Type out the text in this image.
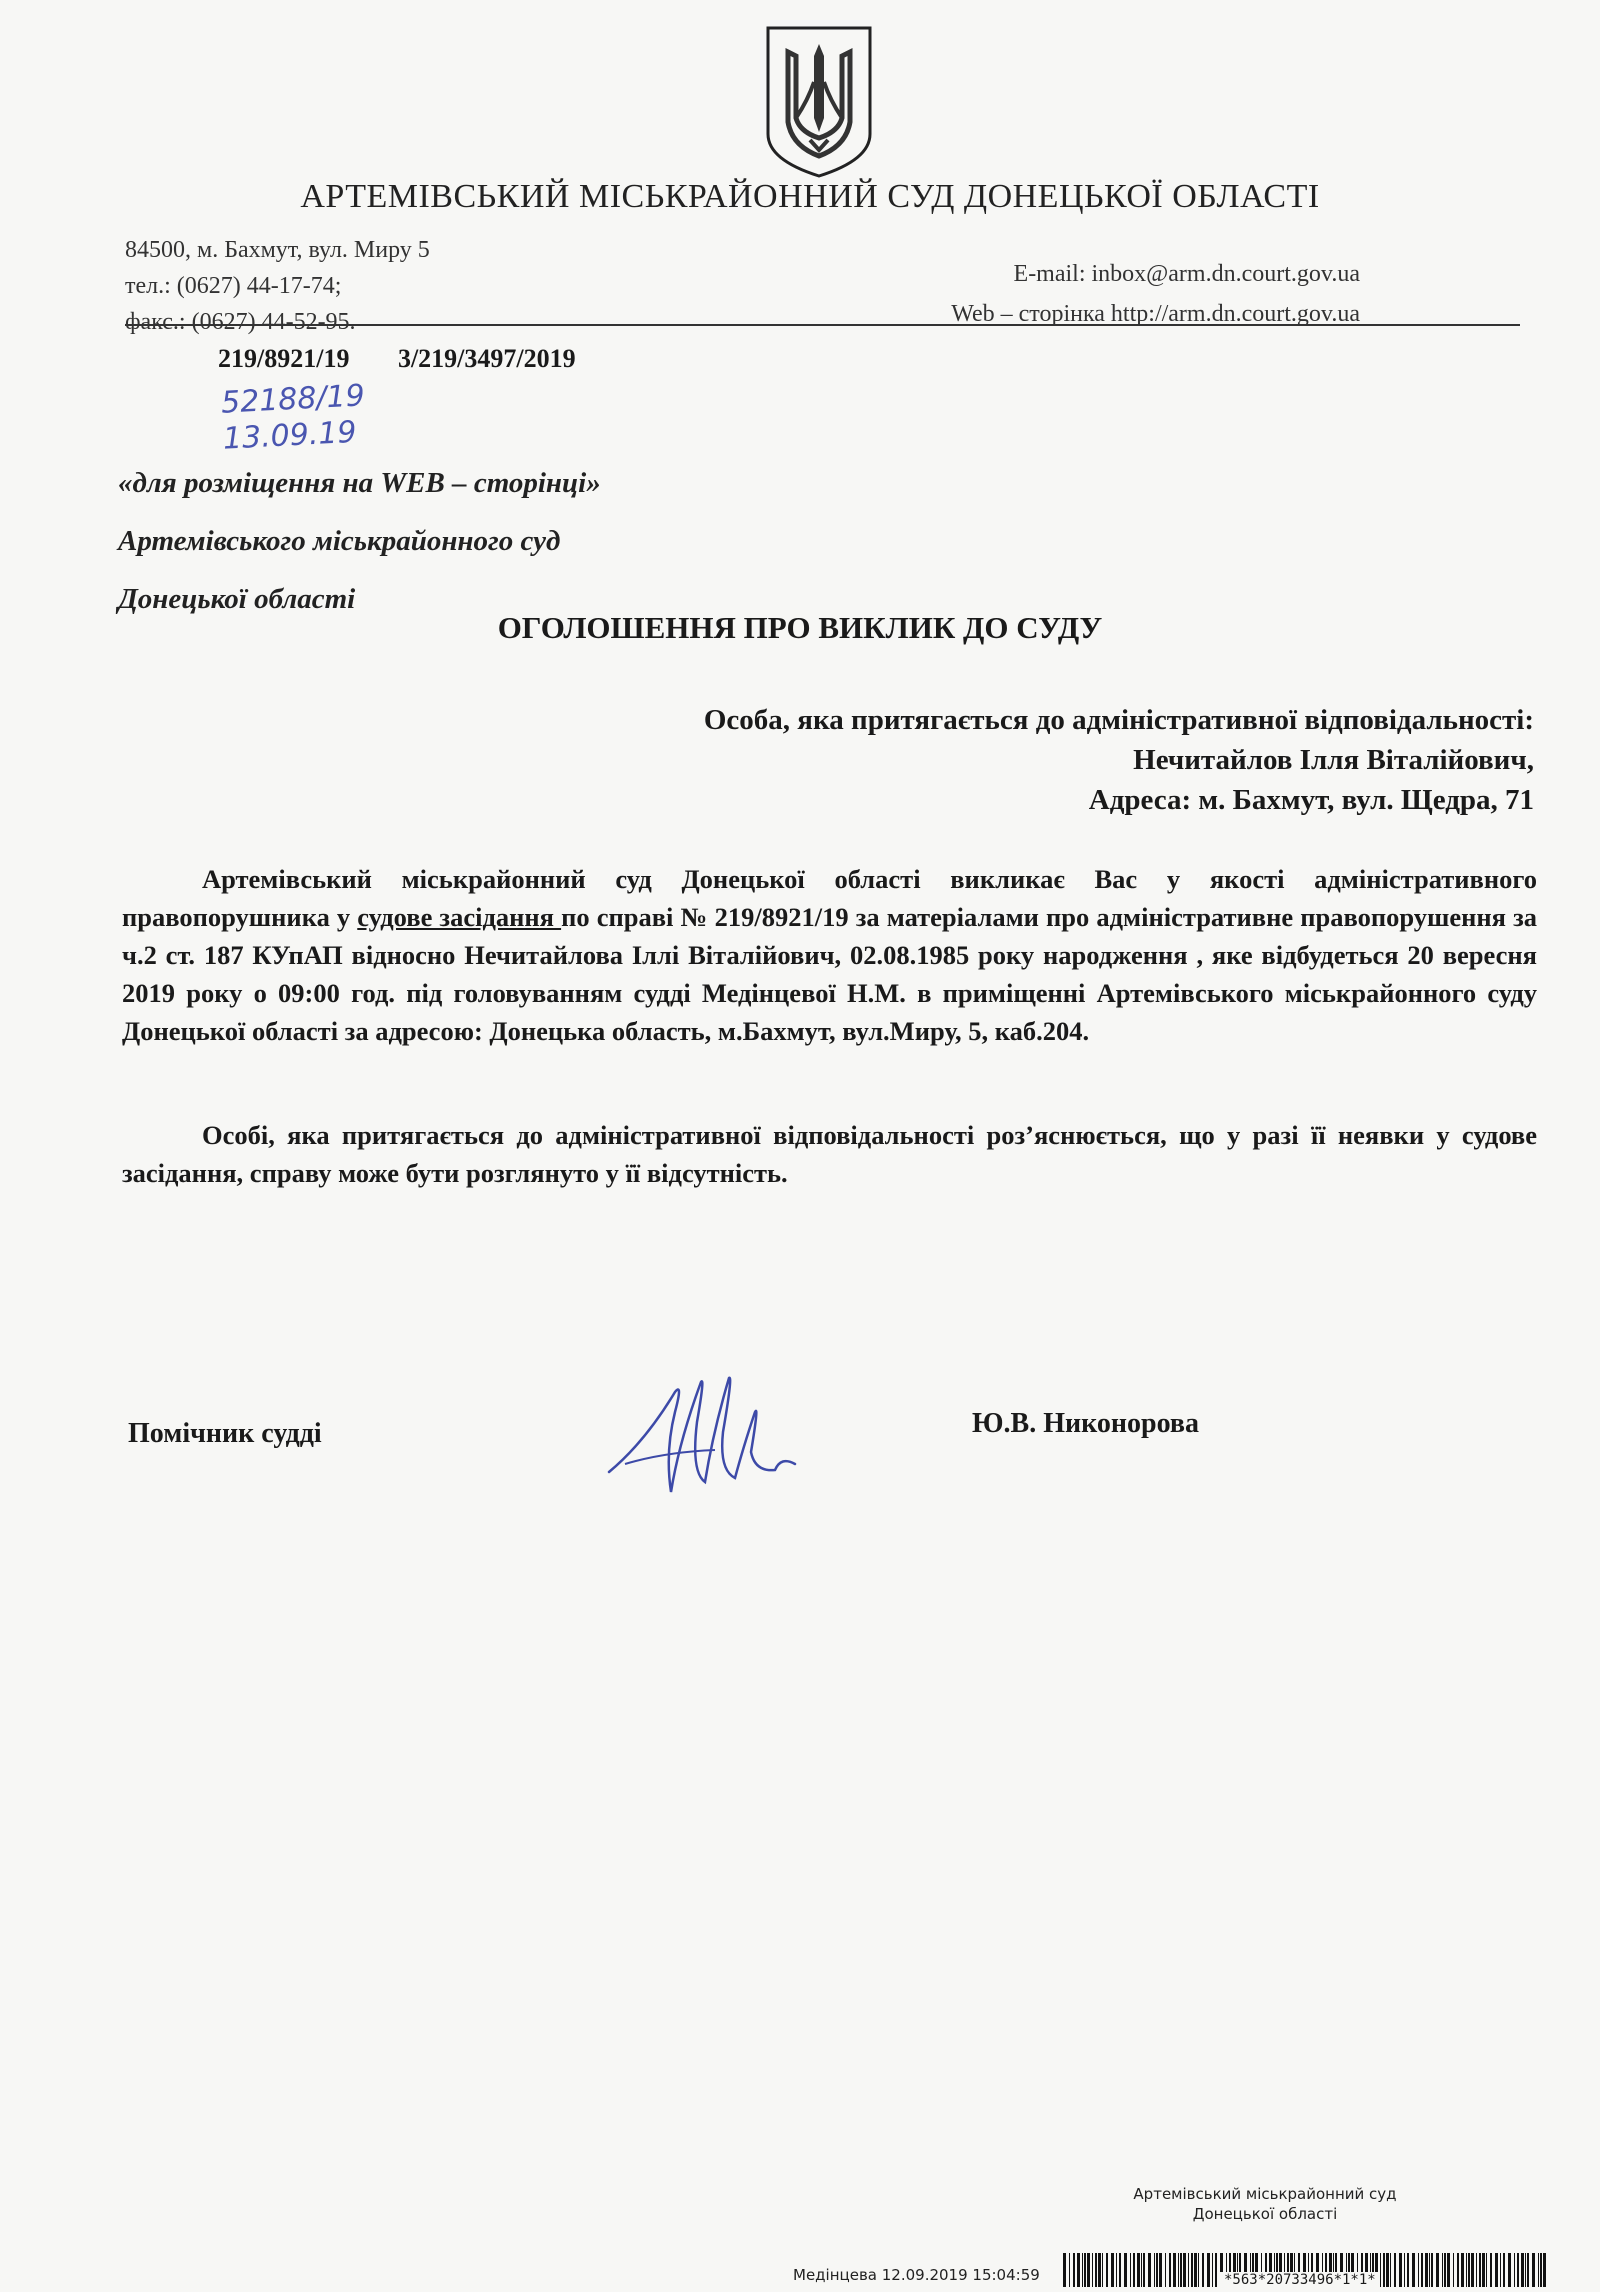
АРТЕМІВСЬКИЙ МІСЬКРАЙОННИЙ СУД ДОНЕЦЬКОЇ ОБЛАСТІ
84500, м. Бахмут, вул. Миру 5
тел.: (0627) 44-17-74;
факс.: (0627) 44-52-95.
E-mail: inbox@arm.dn.court.gov.ua
Web – сторінка http://arm.dn.court.gov.ua
219/8921/19 3/219/3497/2019
52188/19
13.09.19
«для розміщення на WEB – сторінці»
Артемівського міськрайонного суд
Донецької області
ОГОЛОШЕННЯ ПРО ВИКЛИК ДО СУДУ
Особа, яка притягається до адміністративної відповідальності:
Нечитайлов Ілля Віталійович,
Адреса: м. Бахмут, вул. Щедра, 71
Артемівський міськрайонний суд Донецької області викликає Вас у якості адміністративного правопорушника у судове засідання по справі № 219/8921/19 за матеріалами про адміністративне правопорушення за ч.2 ст. 187 КУпАП відносно Нечитайлова Іллі Віталійович, 02.08.1985 року народження , яке відбудеться 20 вересня 2019 року о 09:00 год. під головуванням судді Медінцевої Н.М. в приміщенні Артемівського міськрайонного суду Донецької області за адресою: Донецька область, м.Бахмут, вул.Миру, 5, каб.204.
Особі, яка притягається до адміністративної відповідальності роз’яснюється, що у разі її неявки у судове засідання, справу може бути розглянуто у її відсутність.
Помічник судді	Ю.В. Никонорова
Артемівський міськрайонний суд
Донецької області
Медінцева 12.09.2019 15:04:59	*563*20733496*1*1*
